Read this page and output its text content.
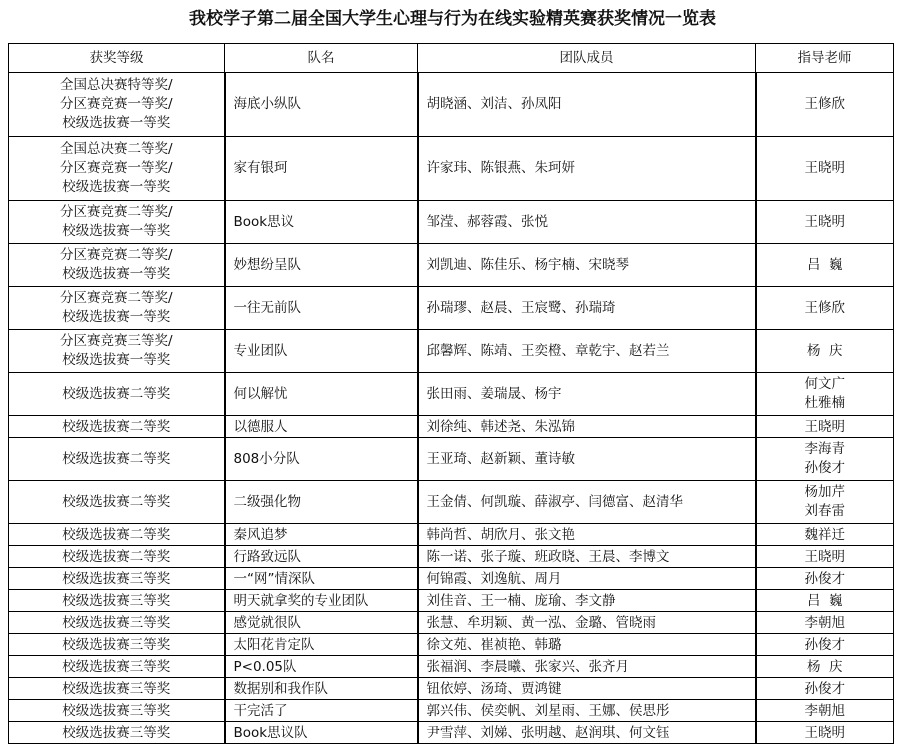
我校学子第二届全国大学生心理与行为在线实验精英赛获奖情况一览表
获奖等级	队名	团队成员	指导老师

全国总决赛特等奖/
分区赛竞赛一等奖/
校级选拔赛一等奖	海底小纵队	胡晓涵、刘洁、孙凤阳	王修欣

全国总决赛二等奖/
分区赛竞赛一等奖/
校级选拔赛一等奖	家有银珂	许家玮、陈银燕、朱珂妍	王晓明

分区赛竞赛二等奖/
校级选拔赛一等奖	Book思议	邹滢、郝蓉霞、张悦	王晓明

分区赛竞赛二等奖/
校级选拔赛一等奖	妙想纷呈队	刘凯迪、陈佳乐、杨宇楠、宋晓琴	吕  巍

分区赛竞赛二等奖/
校级选拔赛一等奖	一往无前队	孙瑞璆、赵晨、王宸鹭、孙瑞琦	王修欣

分区赛竞赛三等奖/
校级选拔赛一等奖	专业团队	邱馨辉、陈靖、王奕橙、章乾宇、赵若兰	杨  庆

校级选拔赛二等奖	何以解忧	张田雨、姜瑞晟、杨宇	何文广
杜雅楠

校级选拔赛二等奖	以德服人	刘徐纯、韩述尧、朱泓锦	王晓明

校级选拔赛二等奖	808小分队	王亚琦、赵新颖、董诗敏	李海青
孙俊才

校级选拔赛二等奖	二级强化物	王金倩、何凯璇、薛淑亭、闫德富、赵清华	杨加芹
刘春雷

校级选拔赛二等奖	秦风追梦	韩尚哲、胡欣月、张文艳	魏祥迁

校级选拔赛二等奖	行路致远队	陈一诺、张子璇、班政晓、王晨、李博文	王晓明

校级选拔赛三等奖	一“网”情深队	何锦霞、刘逸航、周月	孙俊才

校级选拔赛三等奖	明天就拿奖的专业团队	刘佳音、王一楠、庞瑜、李文静	吕  巍

校级选拔赛三等奖	感觉就很队	张慧、牟玥颖、黄一泓、金璐、管晓雨	李朝旭

校级选拔赛三等奖	太阳花肯定队	徐文苑、崔祯艳、韩璐	孙俊才

校级选拔赛三等奖	P<0.05队	张福润、李晨曦、张家兴、张齐月	杨  庆

校级选拔赛三等奖	数据别和我作队	钮依婷、汤琦、贾鸿键	孙俊才

校级选拔赛三等奖	干完活了	郭兴伟、侯奕帆、刘星雨、王娜、侯思彤	李朝旭

校级选拔赛三等奖	Book思议队	尹雪萍、刘娣、张明越、赵润琪、何文钰	王晓明
